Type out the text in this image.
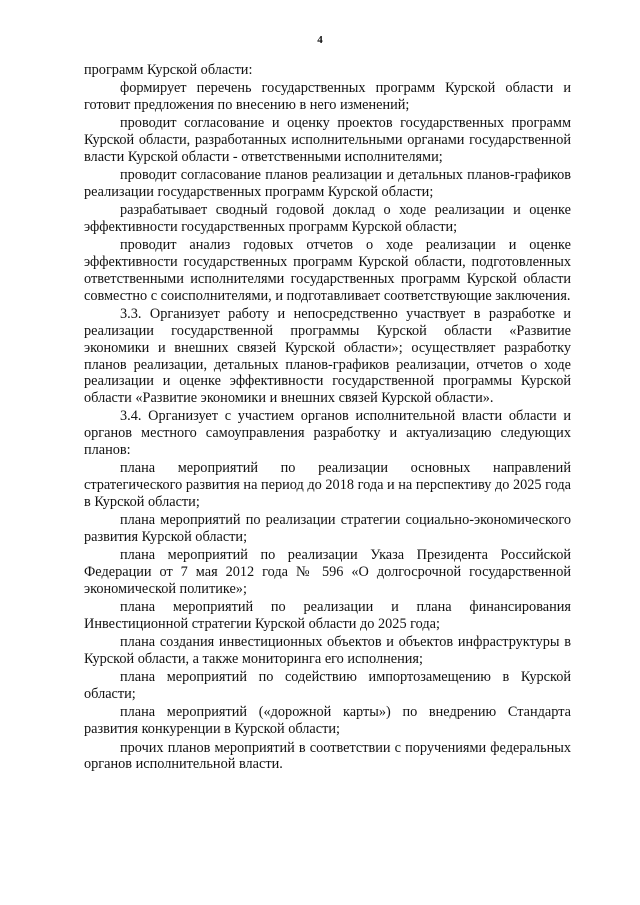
4

программ Курской области:

формирует перечень государственных программ Курской области и готовит предложения по внесению в него изменений;

проводит согласование и оценку проектов государственных программ Курской области, разработанных исполнительными органами государственной власти Курской области - ответственными исполнителями;

проводит согласование планов реализации и детальных планов-графиков реализации государственных программ Курской области;

разрабатывает сводный годовой доклад о ходе реализации и оценке эффективности государственных программ Курской области;

проводит анализ годовых отчетов о ходе реализации и оценке эффективности государственных программ Курской области, подготовленных ответственными исполнителями государственных программ Курской области совместно с соисполнителями, и подготавливает соответствующие заключения.

3.3. Организует работу и непосредственно участвует в разработке и реализации государственной программы Курской области «Развитие экономики и внешних связей Курской области»; осуществляет разработку планов реализации, детальных планов-графиков реализации, отчетов о ходе реализации и оценке эффективности государственной программы Курской области «Развитие экономики и внешних связей Курской области».

3.4. Организует с участием органов исполнительной власти области и органов местного самоуправления разработку и актуализацию следующих планов:

плана мероприятий по реализации основных направлений стратегического развития на период до 2018 года и на перспективу до 2025 года в Курской области;

плана мероприятий по реализации стратегии социально-экономического развития Курской области;

плана мероприятий по реализации Указа Президента Российской Федерации от 7 мая 2012 года № 596 «О долгосрочной государственной экономической политике»;

плана мероприятий по реализации и плана финансирования Инвестиционной стратегии Курской области до 2025 года;

плана создания инвестиционных объектов и объектов инфраструктуры в Курской области, а также мониторинга его исполнения;

плана мероприятий по содействию импортозамещению в Курской области;

плана мероприятий («дорожной карты») по внедрению Стандарта развития конкуренции в Курской области;

прочих планов мероприятий в соответствии с поручениями федеральных органов исполнительной власти.
